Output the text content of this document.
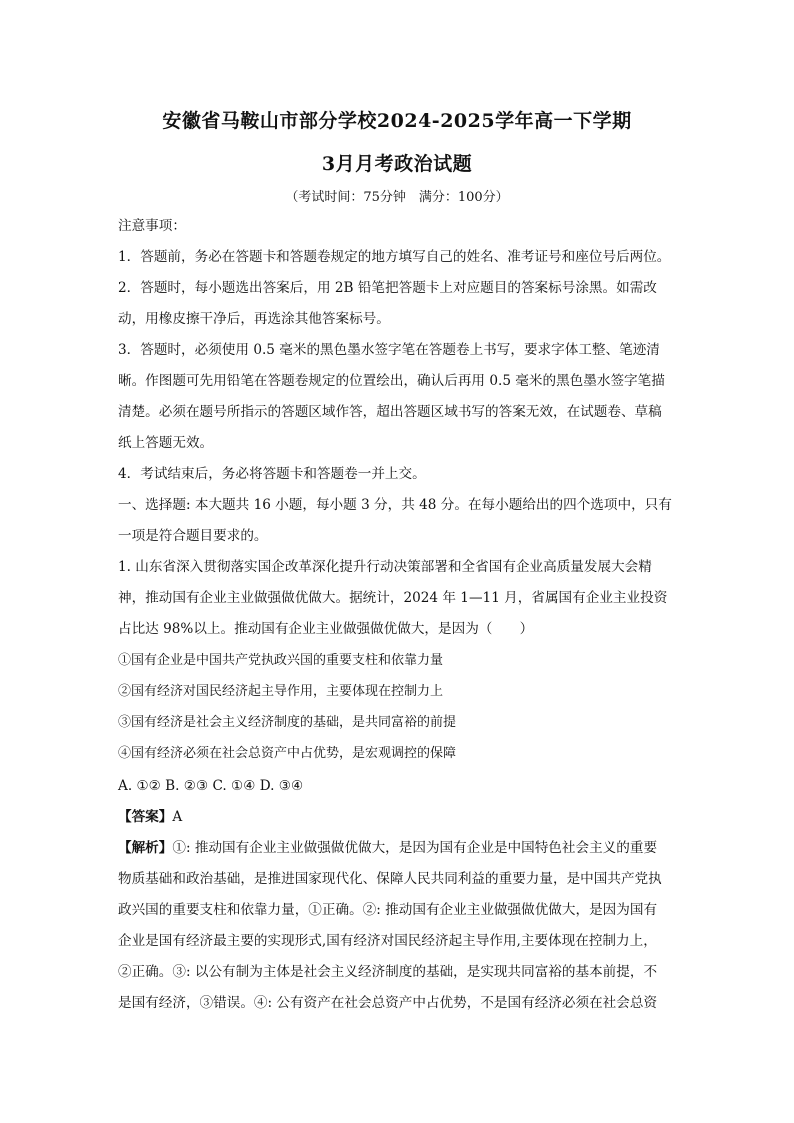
安徽省马鞍山市部分学校2024-2025学年高一下学期
3月月考政治试题
（考试时间：75分钟　满分：100分）
注意事项：
1．答题前，务必在答题卡和答题卷规定的地方填写自己的姓名、准考证号和座位号后两位。
2．答题时，每小题选出答案后，用 2B 铅笔把答题卡上对应题目的答案标号涂黑。如需改
动，用橡皮擦干净后，再选涂其他答案标号。
3．答题时，必须使用 0.5 毫米的黑色墨水签字笔在答题卷上书写，要求字体工整、笔迹清
晰。作图题可先用铅笔在答题卷规定的位置绘出，确认后再用 0.5 毫米的黑色墨水签字笔描
清楚。必须在题号所指示的答题区域作答，超出答题区域书写的答案无效，在试题卷、草稿
纸上答题无效。
4．考试结束后，务必将答题卡和答题卷一并上交。
一、选择题: 本大题共 16 小题，每小题 3 分，共 48 分。在每小题给出的四个选项中，只有
一项是符合题目要求的。
1. 山东省深入贯彻落实国企改革深化提升行动决策部署和全省国有企业高质量发展大会精
神，推动国有企业主业做强做优做大。据统计，2024 年 1—11 月，省属国有企业主业投资
占比达 98%以上。推动国有企业主业做强做优做大，是因为（　　）
①国有企业是中国共产党执政兴国的重要支柱和依靠力量
②国有经济对国民经济起主导作用，主要体现在控制力上
③国有经济是社会主义经济制度的基础，是共同富裕的前提
④国有经济必须在社会总资产中占优势，是宏观调控的保障
A. ①② B. ②③ C. ①④ D. ③④
【答案】A
【解析】①: 推动国有企业主业做强做优做大，是因为国有企业是中国特色社会主义的重要
物质基础和政治基础，是推进国家现代化、保障人民共同利益的重要力量，是中国共产党执
政兴国的重要支柱和依靠力量，①正确。②: 推动国有企业主业做强做优做大，是因为国有
企业是国有经济最主要的实现形式,国有经济对国民经济起主导作用,主要体现在控制力上，
②正确。③: 以公有制为主体是社会主义经济制度的基础，是实现共同富裕的基本前提，不
是国有经济，③错误。④: 公有资产在社会总资产中占优势，不是国有经济必须在社会总资
